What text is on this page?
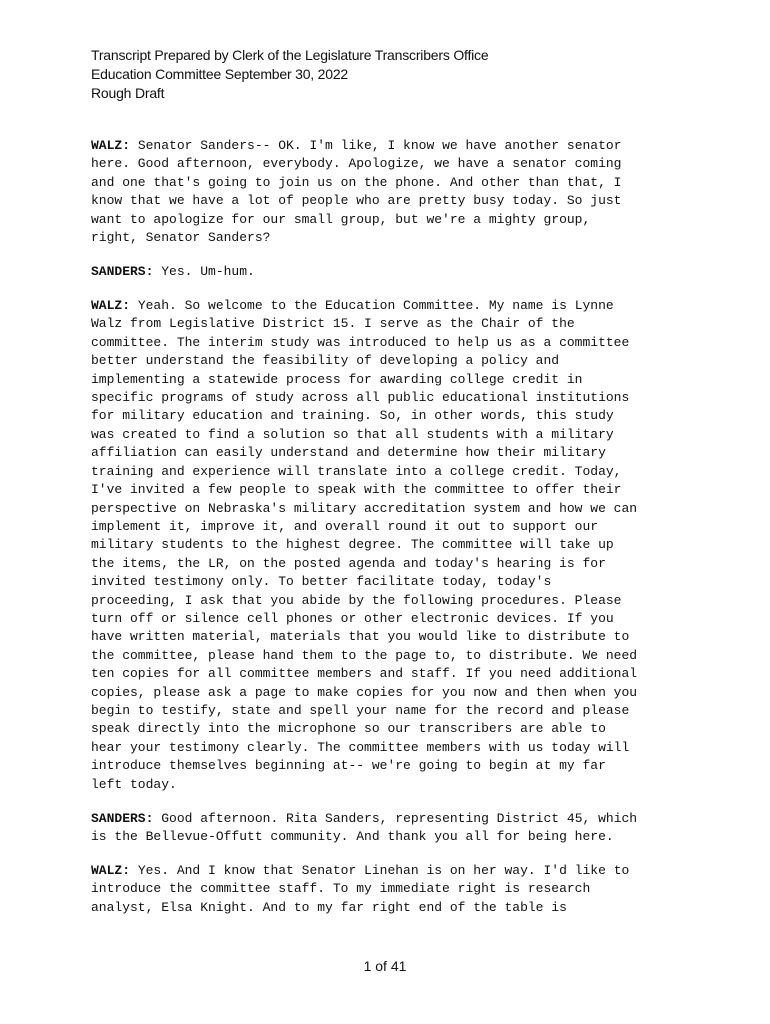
Transcript Prepared by Clerk of the Legislature Transcribers Office
Education Committee September 30, 2022
Rough Draft

WALZ: Senator Sanders-- OK. I'm like, I know we have another senator
here. Good afternoon, everybody. Apologize, we have a senator coming
and one that's going to join us on the phone. And other than that, I
know that we have a lot of people who are pretty busy today. So just
want to apologize for our small group, but we're a mighty group,
right, Senator Sanders?

SANDERS: Yes. Um-hum.

WALZ: Yeah. So welcome to the Education Committee. My name is Lynne
Walz from Legislative District 15. I serve as the Chair of the
committee. The interim study was introduced to help us as a committee
better understand the feasibility of developing a policy and
implementing a statewide process for awarding college credit in
specific programs of study across all public educational institutions
for military education and training. So, in other words, this study
was created to find a solution so that all students with a military
affiliation can easily understand and determine how their military
training and experience will translate into a college credit. Today,
I've invited a few people to speak with the committee to offer their
perspective on Nebraska's military accreditation system and how we can
implement it, improve it, and overall round it out to support our
military students to the highest degree. The committee will take up
the items, the LR, on the posted agenda and today's hearing is for
invited testimony only. To better facilitate today, today's
proceeding, I ask that you abide by the following procedures. Please
turn off or silence cell phones or other electronic devices. If you
have written material, materials that you would like to distribute to
the committee, please hand them to the page to, to distribute. We need
ten copies for all committee members and staff. If you need additional
copies, please ask a page to make copies for you now and then when you
begin to testify, state and spell your name for the record and please
speak directly into the microphone so our transcribers are able to
hear your testimony clearly. The committee members with us today will
introduce themselves beginning at-- we're going to begin at my far
left today.

SANDERS: Good afternoon. Rita Sanders, representing District 45, which
is the Bellevue-Offutt community. And thank you all for being here.

WALZ: Yes. And I know that Senator Linehan is on her way. I'd like to
introduce the committee staff. To my immediate right is research
analyst, Elsa Knight. And to my far right end of the table is

1 of 41
